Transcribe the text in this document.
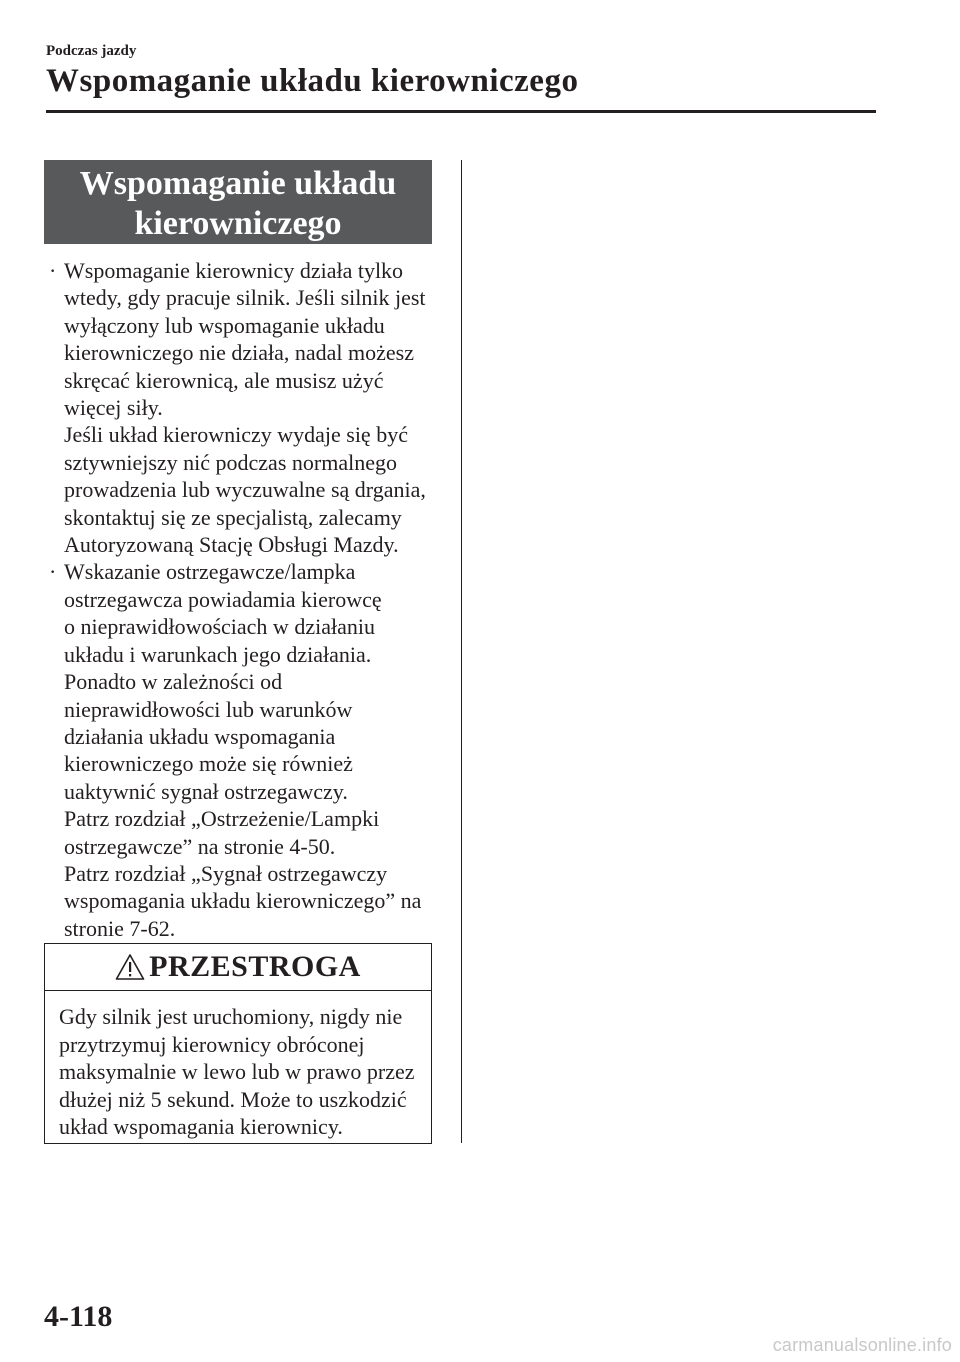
Podczas jazdy
Wspomaganie układu kierowniczego
Wspomaganie układu
kierowniczego
· Wspomaganie kierownicy działa tylko

wtedy, gdy pracuje silnik. Jeśli silnik jest

wyłączony lub wspomaganie układu

kierowniczego nie działa, nadal możesz

skręcać kierownicą, ale musisz użyć

więcej siły.

Jeśli układ kierowniczy wydaje się być

sztywniejszy nić podczas normalnego

prowadzenia lub wyczuwalne są drgania,

skontaktuj się ze specjalistą, zalecamy

Autoryzowaną Stację Obsługi Mazdy.

· Wskazanie ostrzegawcze/lampka

ostrzegawcza powiadamia kierowcę

o nieprawidłowościach w działaniu

układu i warunkach jego działania.

Ponadto w zależności od

nieprawidłowości lub warunków

działania układu wspomagania

kierowniczego może się również

uaktywnić sygnał ostrzegawczy.

Patrz rozdział „Ostrzeżenie/Lampki

ostrzegawcze” na stronie 4-50.

Patrz rozdział „Sygnał ostrzegawczy

wspomagania układu kierowniczego” na

stronie 7-62.

PRZESTROGA

Gdy silnik jest uruchomiony, nigdy nie

przytrzymuj kierownicy obróconej

maksymalnie w lewo lub w prawo przez

dłużej niż 5 sekund. Może to uszkodzić

układ wspomagania kierownicy.

4-118
carmanualsonline.info
